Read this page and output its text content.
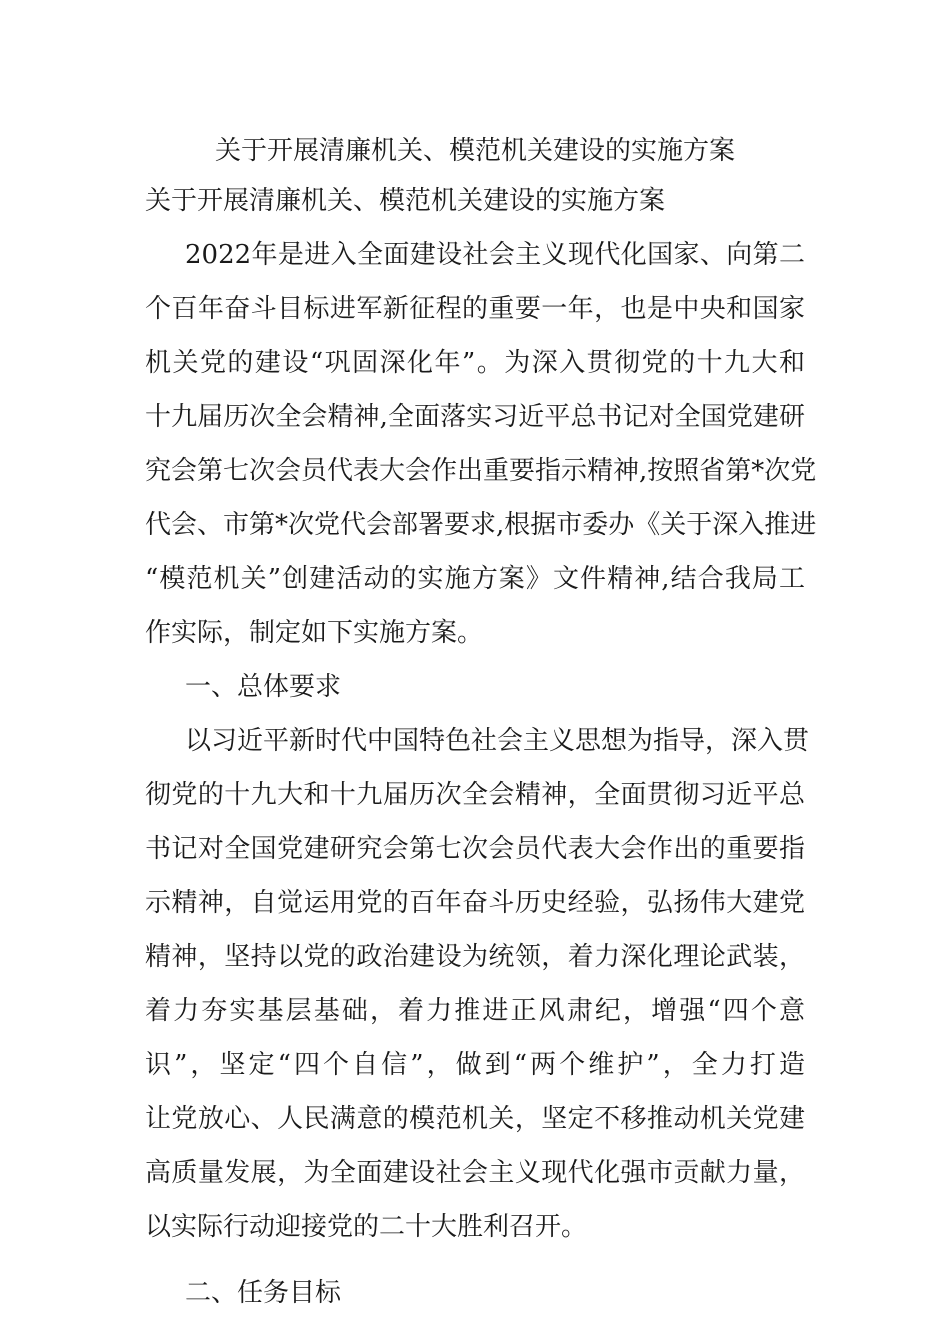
关于开展清廉机关、模范机关建设的实施方案
关于开展清廉机关、模范机关建设的实施方案
2022年是进入全面建设社会主义现代化国家、向第二
个百年奋斗目标进军新征程的重要一年，也是中央和国家
机关党的建设“巩固深化年”。为深入贯彻党的十九大和
十九届历次全会精神,全面落实习近平总书记对全国党建研
究会第七次会员代表大会作出重要指示精神,按照省第*次党
代会、市第*次党代会部署要求,根据市委办《关于深入推进
“模范机关”创建活动的实施方案》文件精神,结合我局工
作实际，制定如下实施方案。
一、总体要求
以习近平新时代中国特色社会主义思想为指导，深入贯
彻党的十九大和十九届历次全会精神，全面贯彻习近平总
书记对全国党建研究会第七次会员代表大会作出的重要指
示精神，自觉运用党的百年奋斗历史经验，弘扬伟大建党
精神，坚持以党的政治建设为统领，着力深化理论武装，
着力夯实基层基础，着力推进正风肃纪，增强“四个意
识”，坚定“四个自信”，做到“两个维护”，全力打造
让党放心、人民满意的模范机关，坚定不移推动机关党建
高质量发展，为全面建设社会主义现代化强市贡献力量，
以实际行动迎接党的二十大胜利召开。
二、任务目标
